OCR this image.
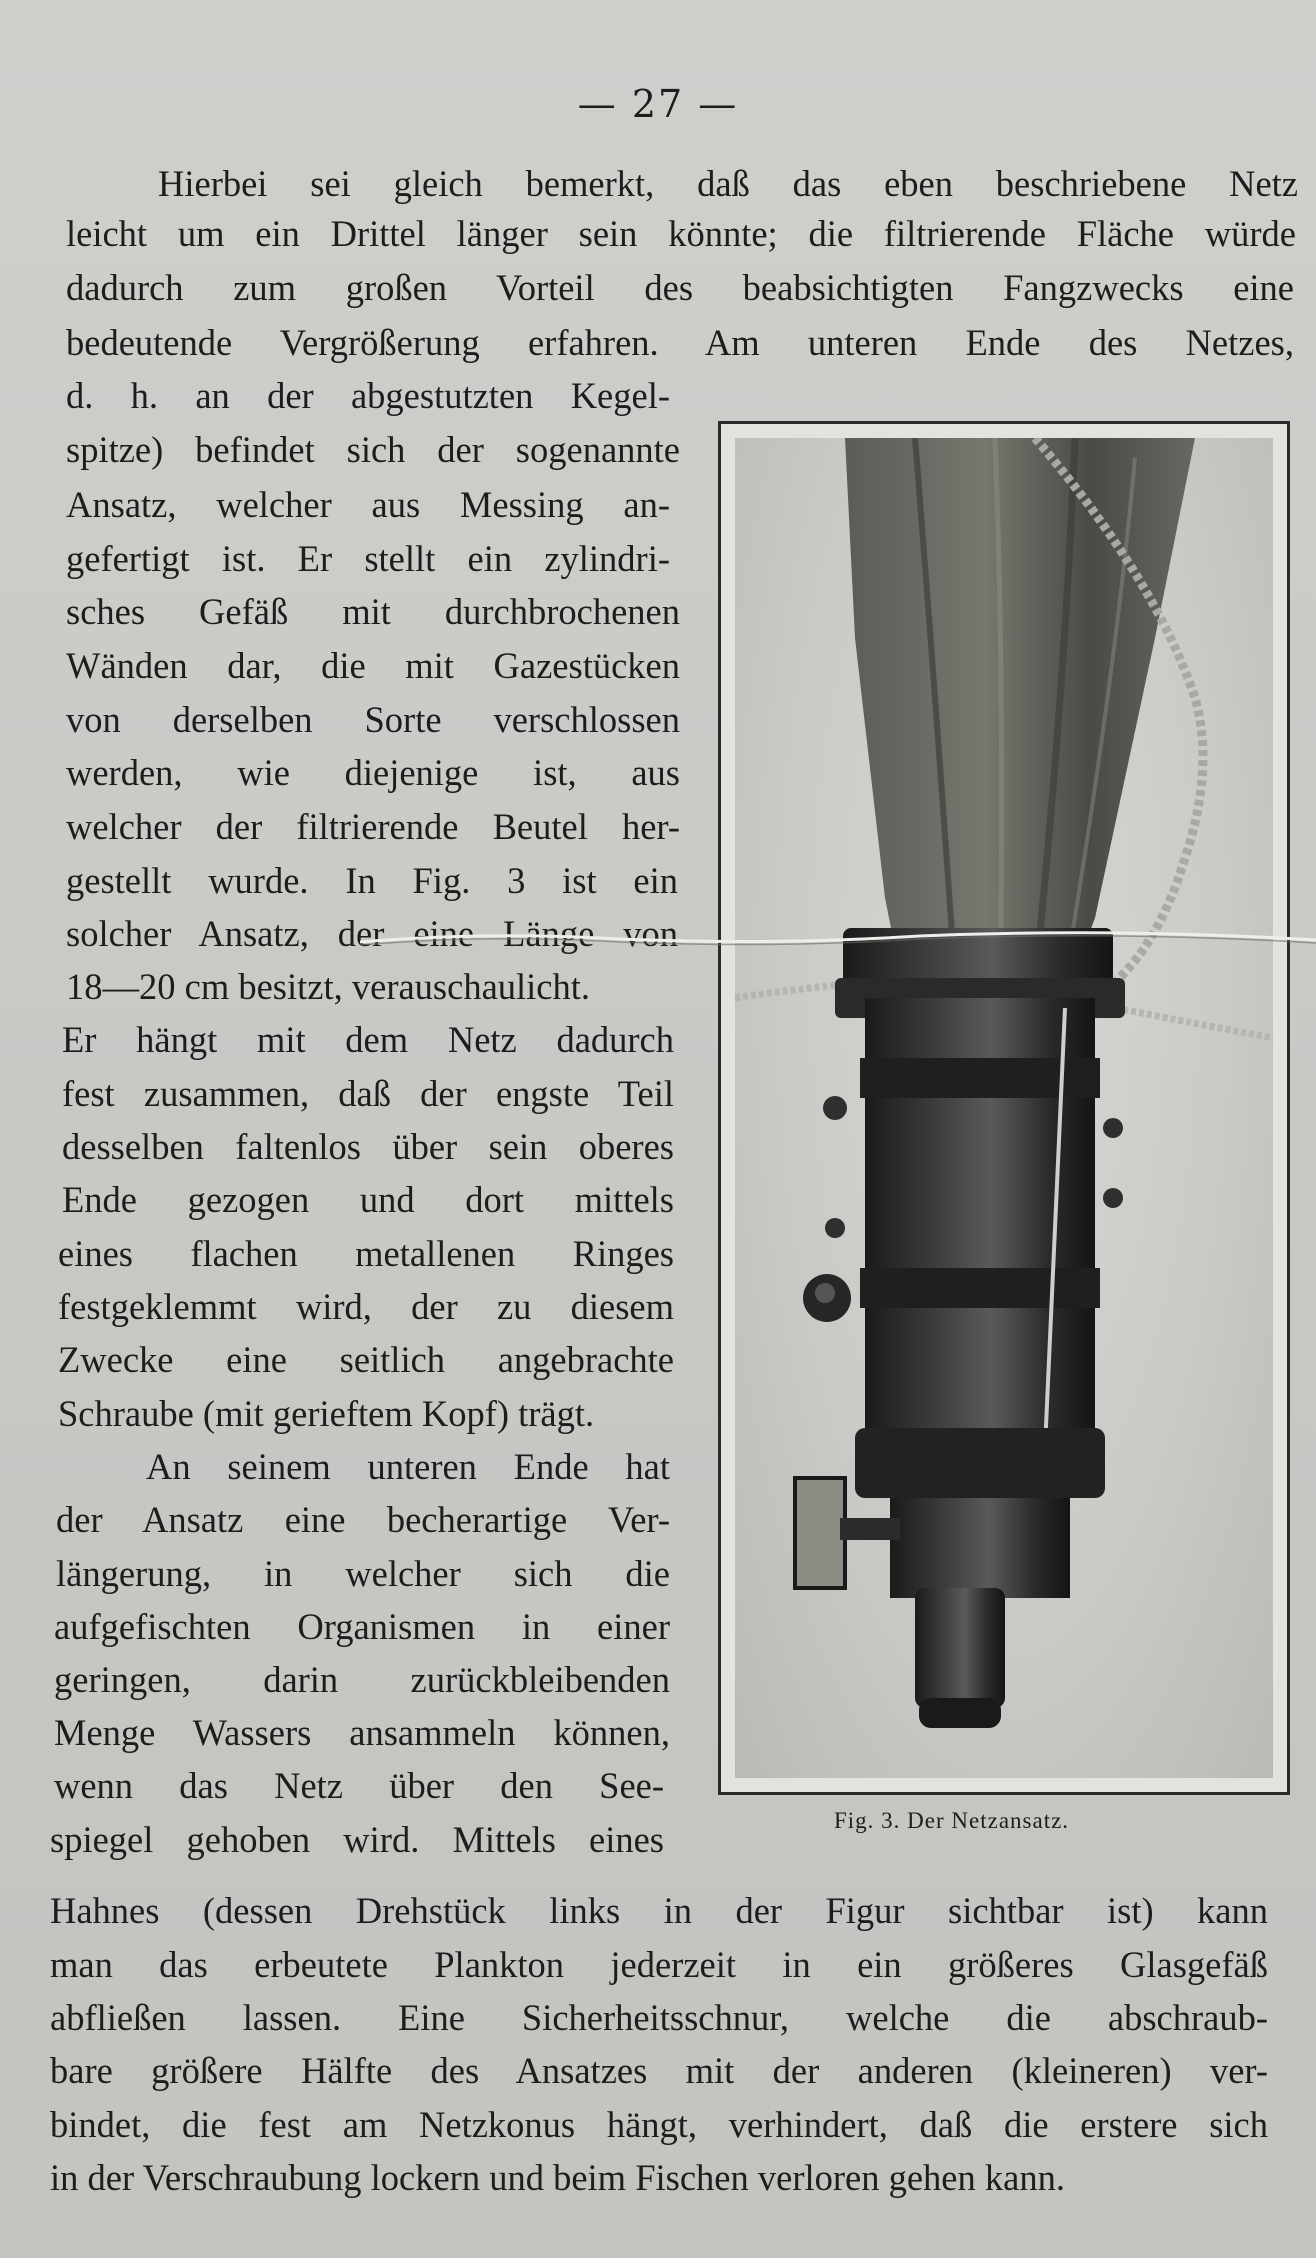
— 27 —
Hierbei sei gleich bemerkt, daß das eben beschriebene Netz
leicht um ein Drittel länger sein könnte; die filtrierende Fläche würde
dadurch zum großen Vorteil des beabsichtigten Fangzwecks eine
bedeutende Vergrößerung erfahren. Am unteren Ende des Netzes,
d. h. an der abgestutzten Kegel-
spitze) befindet sich der sogenannte
Ansatz, welcher aus Messing an-
gefertigt ist. Er stellt ein zylindri-
sches Gefäß mit durchbrochenen
Wänden dar, die mit Gazestücken
von derselben Sorte verschlossen
werden, wie diejenige ist, aus
welcher der filtrierende Beutel her-
gestellt wurde. In Fig. 3 ist ein
solcher Ansatz, der eine Länge von
18—20 cm besitzt, verauschaulicht.
Er hängt mit dem Netz dadurch
fest zusammen, daß der engste Teil
desselben faltenlos über sein oberes
Ende gezogen und dort mittels
eines flachen metallenen Ringes
festgeklemmt wird, der zu diesem
Zwecke eine seitlich angebrachte
Schraube (mit gerieftem Kopf) trägt.
An seinem unteren Ende hat
der Ansatz eine becherartige Ver-
längerung, in welcher sich die
aufgefischten Organismen in einer
geringen, darin zurückbleibenden
Menge Wassers ansammeln können,
wenn das Netz über den See-
spiegel gehoben wird. Mittels eines
Hahnes (dessen Drehstück links in der Figur sichtbar ist) kann
man das erbeutete Plankton jederzeit in ein größeres Glasgefäß
abfließen lassen. Eine Sicherheitsschnur, welche die abschraub-
bare größere Hälfte des Ansatzes mit der anderen (kleineren) ver-
bindet, die fest am Netzkonus hängt, verhindert, daß die erstere sich
in der Verschraubung lockern und beim Fischen verloren gehen kann.
Fig. 3. Der Netzansatz.
